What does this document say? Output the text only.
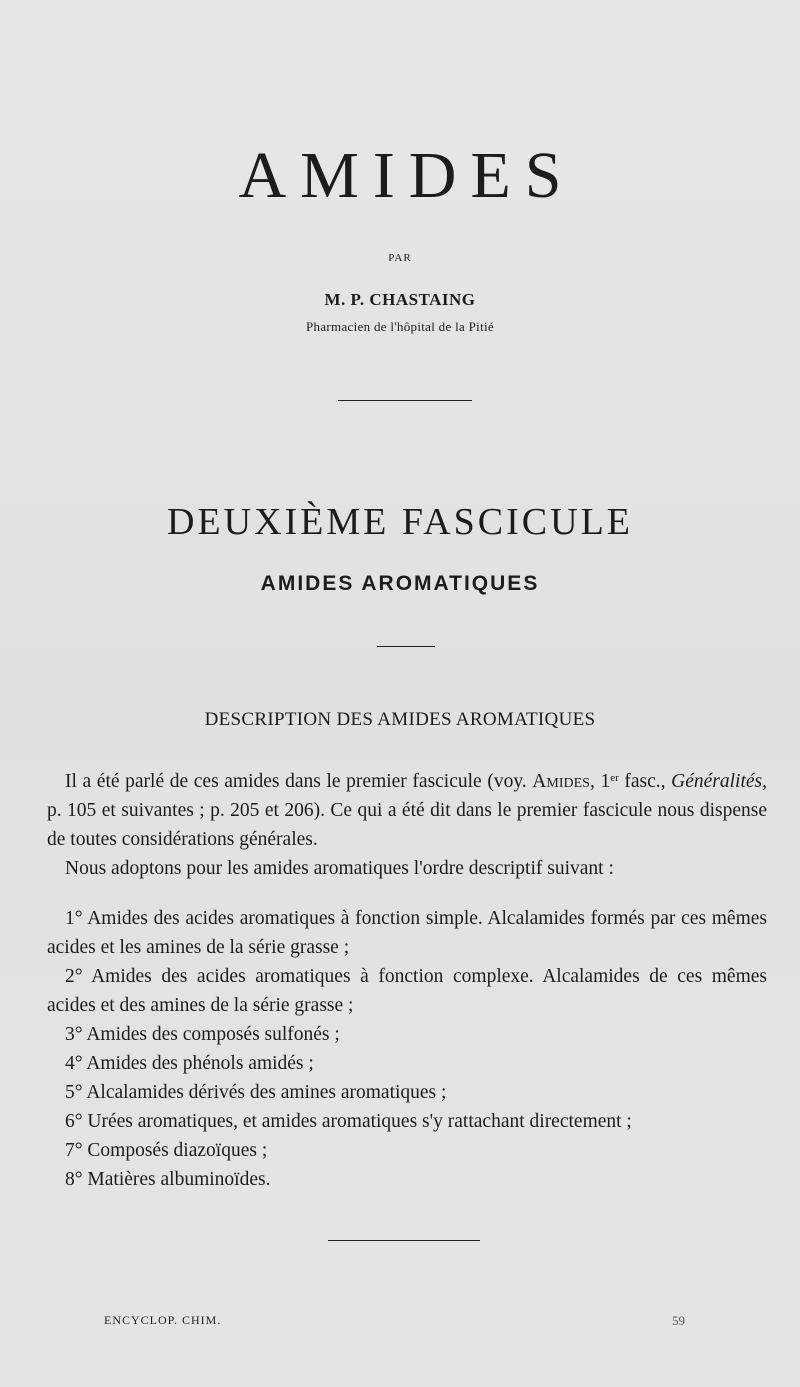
AMIDES
PAR
M. P. CHASTAING
Pharmacien de l'hôpital de la Pitié
DEUXIÈME FASCICULE
AMIDES AROMATIQUES
DESCRIPTION DES AMIDES AROMATIQUES

Il a été parlé de ces amides dans le premier fascicule (voy. Amides, 1er fasc., Généralités, p. 105 et suivantes ; p. 205 et 206). Ce qui a été dit dans le premier fascicule nous dispense de toutes considérations générales.

Nous adoptons pour les amides aromatiques l'ordre descriptif suivant :

1° Amides des acides aromatiques à fonction simple. Alcalamides formés par ces mêmes acides et les amines de la série grasse ;

2° Amides des acides aromatiques à fonction complexe. Alcalamides de ces mêmes acides et des amines de la série grasse ;

3° Amides des composés sulfonés ;

4° Amides des phénols amidés ;

5° Alcalamides dérivés des amines aromatiques ;

6° Urées aromatiques, et amides aromatiques s'y rattachant directement ;

7° Composés diazoïques ;

8° Matières albuminoïdes.

ENCYCLOP. CHIM.	59
